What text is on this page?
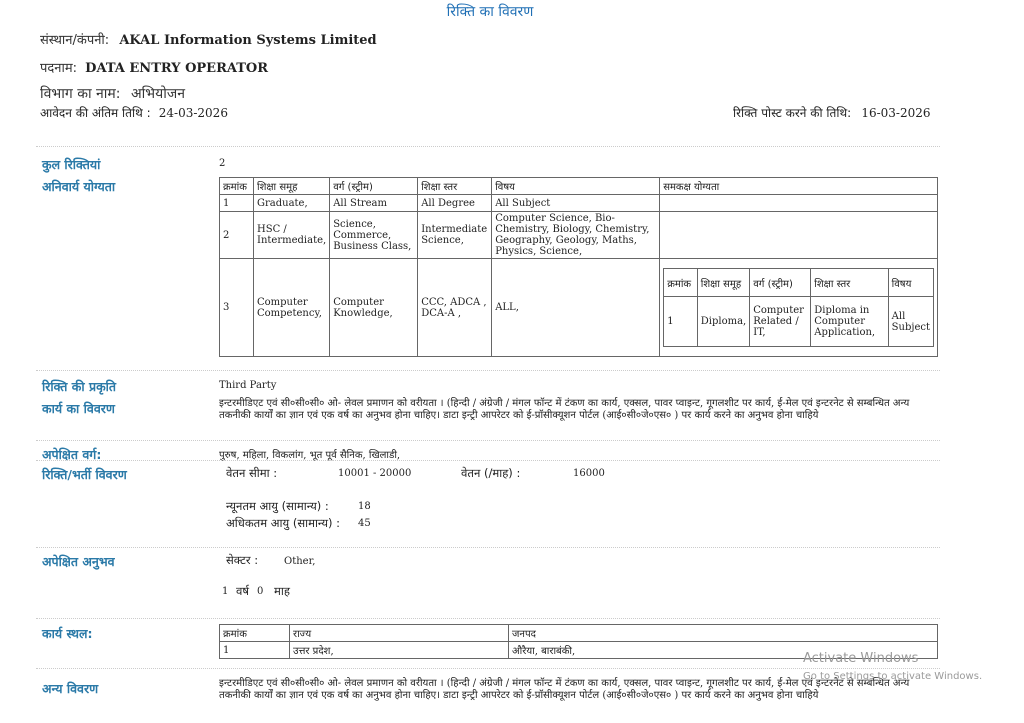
रिक्ति का विवरण
संस्थान/कंपनी: AKAL Information Systems Limited
पदनाम: DATA ENTRY OPERATOR
विभाग का नाम: अभियोजन
आवेदन की अंतिम तिथि : 24-03-2026	रिक्ति पोस्ट करने की तिथि: 16-03-2026
कुल रिक्तियां	2
अनिवार्य योग्यता	क्रमांक	शिक्षा समूह	वर्ग (स्ट्रीम)	शिक्षा स्तर	विषय	समकक्ष योग्यता
1	Graduate,	All Stream	All Degree	All Subject	
2	HSC / Intermediate,	Science, Commerce, Business Class,	Intermediate Science,	Computer Science, Bio-Chemistry, Biology, Chemistry, Geography, Geology, Maths, Physics, Science,	
3	Computer Competency,	Computer Knowledge,	CCC, ADCA , DCA-A ,	ALL,	
क्रमांक	शिक्षा समूह	वर्ग (स्ट्रीम)	शिक्षा स्तर	विषय
1	Diploma,	Computer Related / IT,	Diploma in Computer Application,	All Subject
रिक्ति की प्रकृति	Third Party
कार्य का विवरण	इन्टरमीडिएट एवं सी०सी०सी० ओ- लेवल प्रमाणन को वरीयता । (हिन्दी / अंग्रेजी / मंगल फॉन्ट में टंकण का कार्य, एक्सल, पावर प्वाइन्ट, गूगलशीट पर कार्य, ई-मेल एवं इन्टरनेट से सम्बन्धित अन्य तकनीकी कार्यों का ज्ञान एवं एक वर्ष का अनुभव होना चाहिए। डाटा इन्ट्री आपरेटर को ई-प्रॉसीक्यूशन पोर्टल (आई०सी०जे०एस० ) पर कार्य करने का अनुभव होना चाहिये
अपेक्षित वर्ग:	पुरुष, महिला, विकलांग, भूत पूर्व सैनिक, खिलाडी,
रिक्ति/भर्ती विवरण	वेतन सीमा :	10001 - 20000	वेतन (/माह) :	16000
न्यूनतम आयु (सामान्य) :	18
अधिकतम आयु (सामान्य) : 45
अपेक्षित अनुभव	सेक्टर :	Other,
1 वर्ष 0 माह
कार्य स्थल:	क्रमांक	राज्य	जनपद
1	उत्तर प्रदेश,	औरैया, बाराबंकी,
अन्य विवरण	इन्टरमीडिएट एवं सी०सी०सी० ओ- लेवल प्रमाणन को वरीयता । (हिन्दी / अंग्रेजी / मंगल फॉन्ट में टंकण का कार्य, एक्सल, पावर प्वाइन्ट, गूगलशीट पर कार्य, ई-मेल एवं इन्टरनेट से सम्बन्धित अन्य तकनीकी कार्यों का ज्ञान एवं एक वर्ष का अनुभव होना चाहिए। डाटा इन्ट्री आपरेटर को ई-प्रॉसीक्यूशन पोर्टल (आई०सी०जे०एस० ) पर कार्य करने का अनुभव होना चाहिये
Activate Windows
Go to Settings to activate Windows.
